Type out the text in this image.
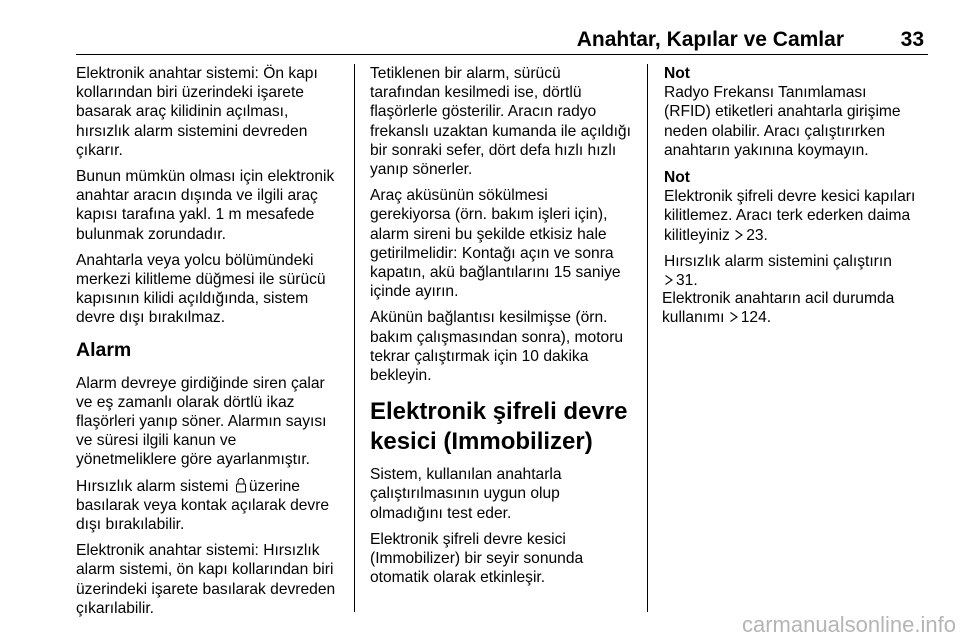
Anahtar, Kapılar ve Camlar	33

Elektronik anahtar sistemi: Ön kapı
kollarından biri üzerindeki işarete
basarak araç kilidinin açılması,
hırsızlık alarm sistemini devreden
çıkarır.

Bunun mümkün olması için elektronik
anahtar aracın dışında ve ilgili araç
kapısı tarafına yakl. 1 m mesafede
bulunmak zorundadır.

Anahtarla veya yolcu bölümündeki
merkezi kilitleme düğmesi ile sürücü
kapısının kilidi açıldığında, sistem
devre dışı bırakılmaz.

Alarm

Alarm devreye girdiğinde siren çalar
ve eş zamanlı olarak dörtlü ikaz
flaşörleri yanıp söner. Alarmın sayısı
ve süresi ilgili kanun ve
yönetmeliklere göre ayarlanmıştır.

Hırsızlık alarm sistemi üzerine
basılarak veya kontak açılarak devre
dışı bırakılabilir.

Elektronik anahtar sistemi: Hırsızlık
alarm sistemi, ön kapı kollarından biri
üzerindeki işarete basılarak devreden
çıkarılabilir.

Tetiklenen bir alarm, sürücü
tarafından kesilmedi ise, dörtlü
flaşörlerle gösterilir. Aracın radyo
frekanslı uzaktan kumanda ile açıldığı
bir sonraki sefer, dört defa hızlı hızlı
yanıp sönerler.

Araç aküsünün sökülmesi
gerekiyorsa (örn. bakım işleri için),
alarm sireni bu şekilde etkisiz hale
getirilmelidir: Kontağı açın ve sonra
kapatın, akü bağlantılarını 15 saniye
içinde ayırın.

Akünün bağlantısı kesilmişse (örn.
bakım çalışmasından sonra), motoru
tekrar çalıştırmak için 10 dakika
bekleyin.

Elektronik şifreli devre
kesici (Immobilizer)

Sistem, kullanılan anahtarla
çalıştırılmasının uygun olup
olmadığını test eder.

Elektronik şifreli devre kesici
(Immobilizer) bir seyir sonunda
otomatik olarak etkinleşir.

Not

Radyo Frekansı Tanımlaması
(RFID) etiketleri anahtarla girişime
neden olabilir. Aracı çalıştırırken
anahtarın yakınına koymayın.

Not

Elektronik şifreli devre kesici kapıları
kilitlemez. Aracı terk ederken daima
kilitleyiniz 23.

Hırsızlık alarm sistemini çalıştırın
31.

Elektronik anahtarın acil durumda
kullanımı 124.

carmanualsonline.info
